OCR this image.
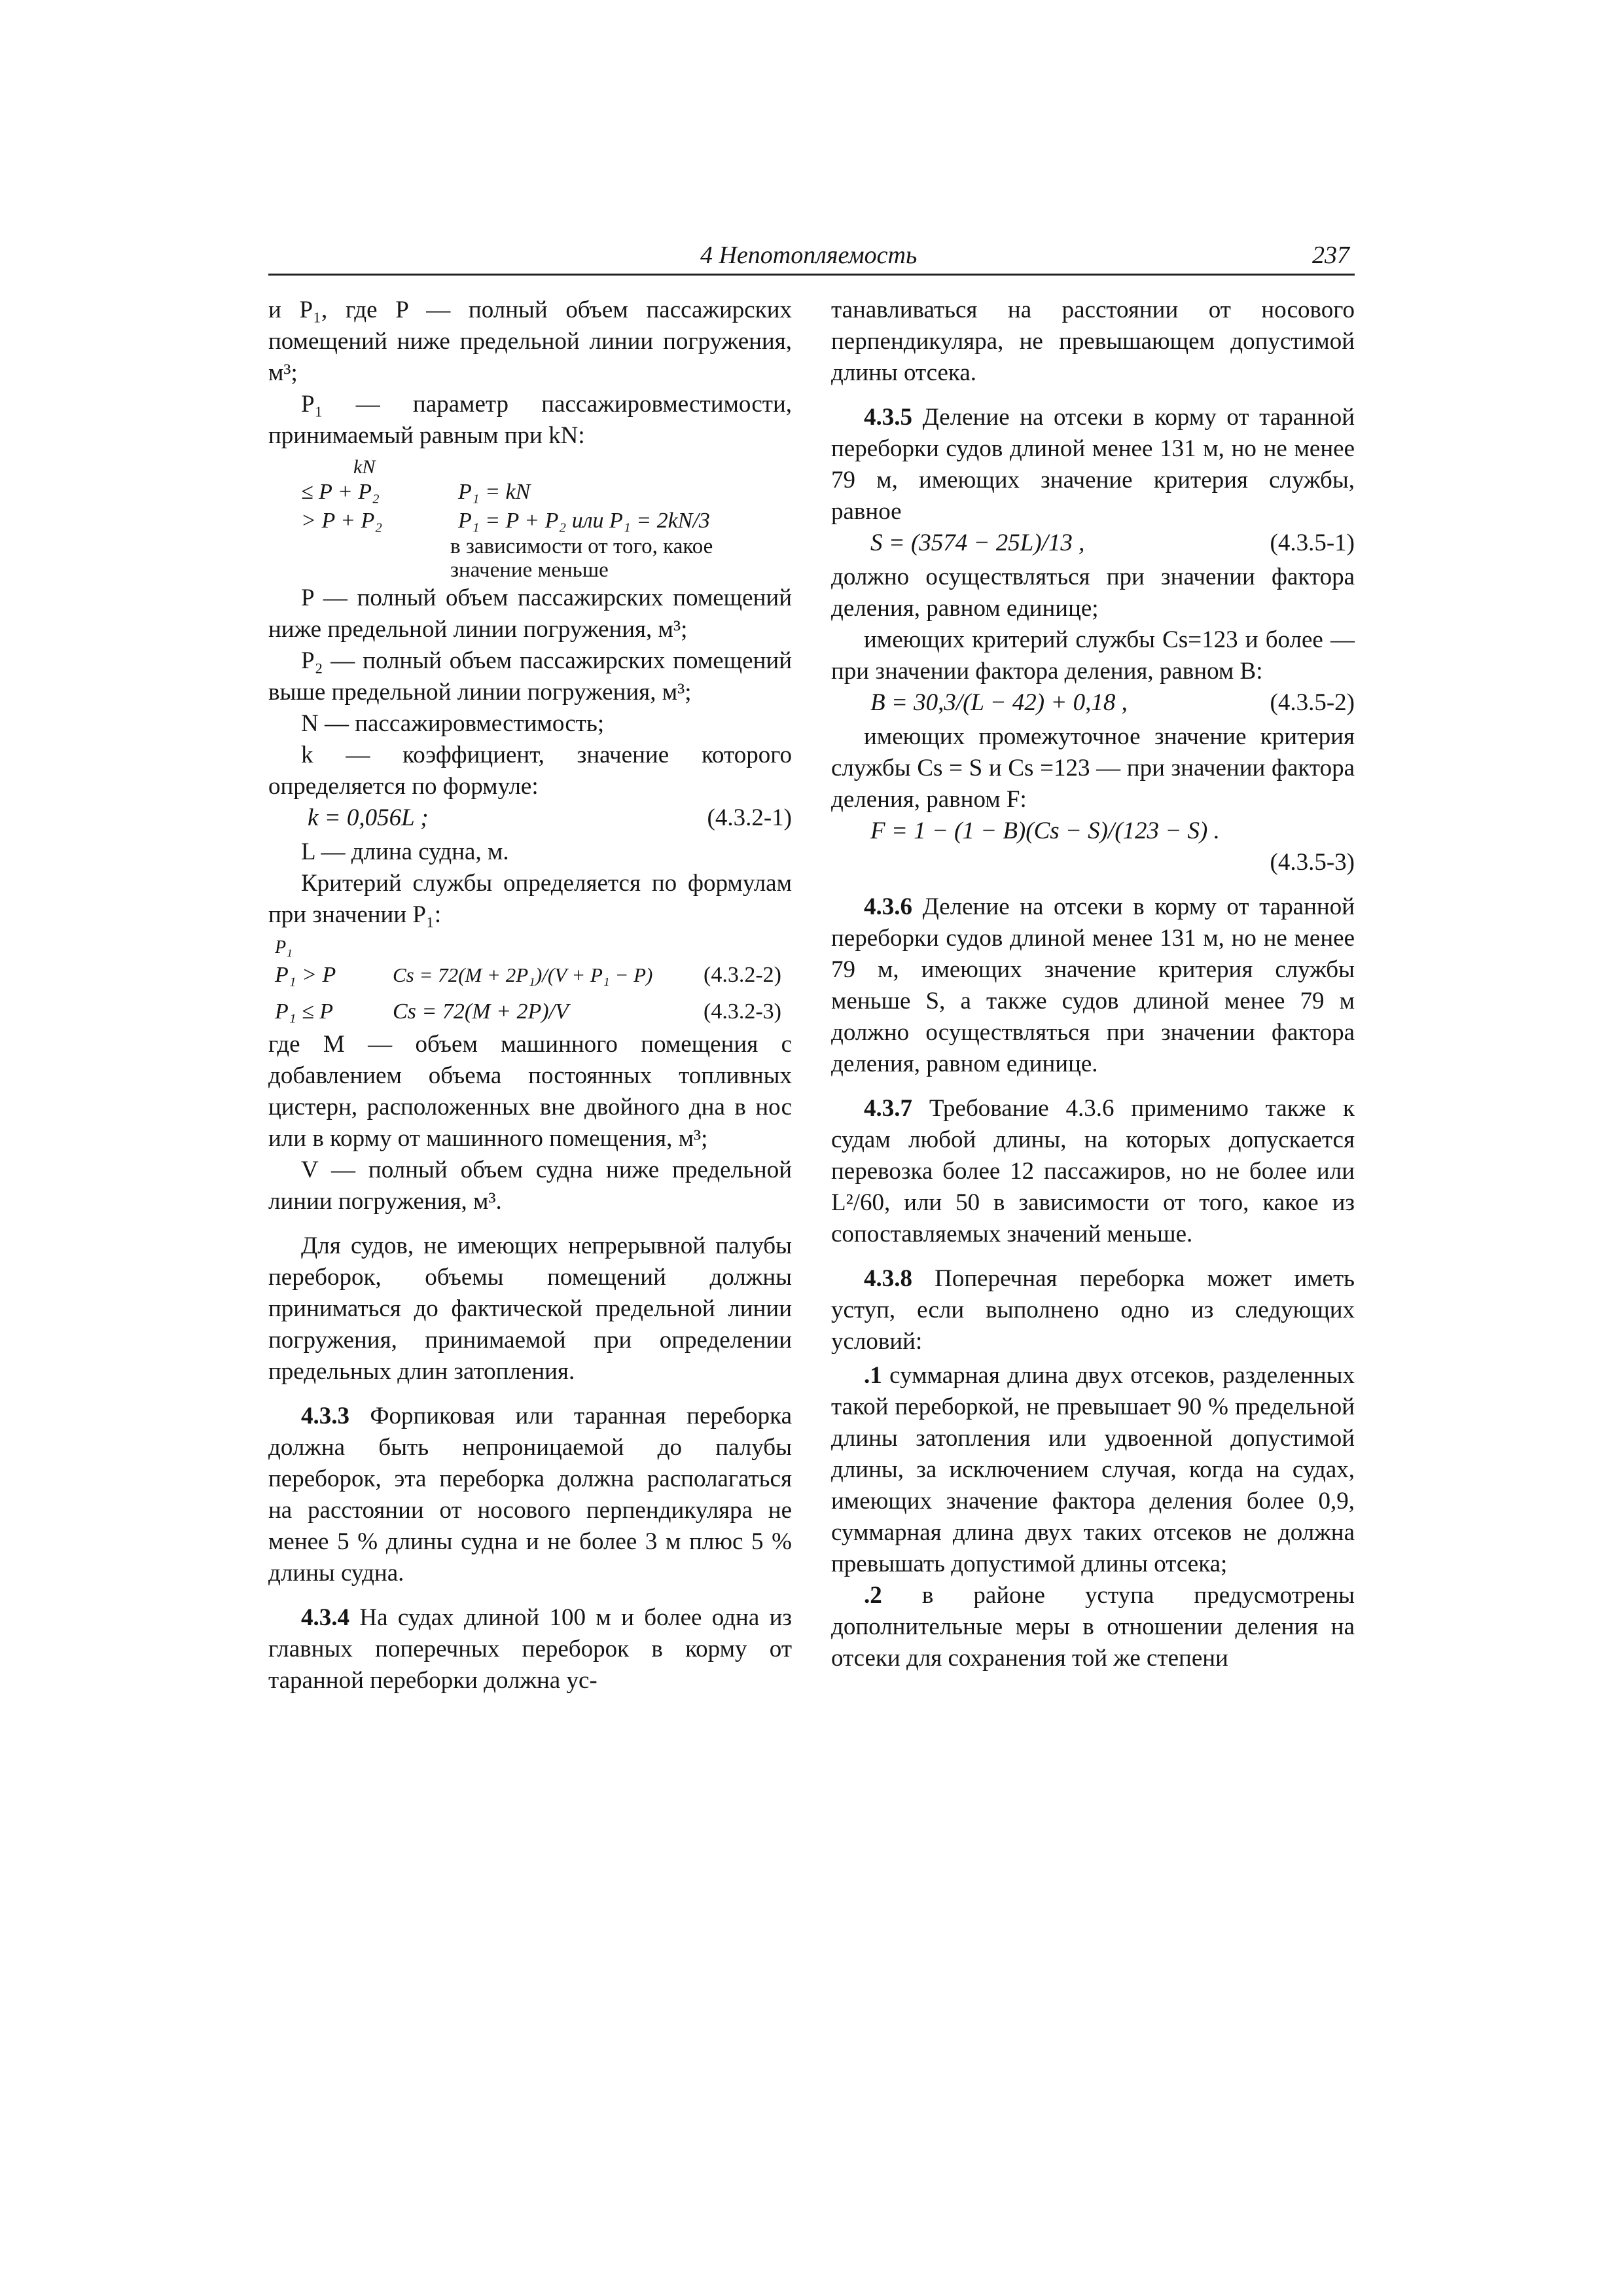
4 Непотопляемость	237

и P₁, где P — полный объем пассажирских помещений ниже предельной линии погружения, м³;

P₁ — параметр пассажировместимости, принимаемый равным при kN:

kN
≤ P + P₂	P₁ = kN
> P + P₂	P₁ = P + P₂ или P₁ = 2kN/3
в зависимости от того, какое
значение меньше

P — полный объем пассажирских помещений ниже предельной линии погружения, м³;

P₂ — полный объем пассажирских помещений выше предельной линии погружения, м³;

N — пассажировместимость;

k — коэффициент, значение которого определяется по формуле:

k = 0,056L ;	(4.3.2-1)

L — длина судна, м.

Критерий службы определяется по формулам при значении P₁:

P₁
P₁ > P	Cs = 72(M + 2P₁)/(V + P₁ − P) (4.3.2-2)
P₁ ≤ P	Cs = 72(M + 2P)/V	(4.3.2-3)

где M — объем машинного помещения с добавлением объема постоянных топливных цистерн, расположенных вне двойного дна в нос или в корму от машинного помещения, м³;

V — полный объем судна ниже предельной линии погружения, м³.

Для судов, не имеющих непрерывной палубы переборок, объемы помещений должны приниматься до фактической предельной линии погружения, принимаемой при определении предельных длин затопления.

4.3.3 Форпиковая или таранная переборка должна быть непроницаемой до палубы переборок, эта переборка должна располагаться на расстоянии от носового перпендикуляра не менее 5 % длины судна и не более 3 м плюс 5 % длины судна.

4.3.4 На судах длиной 100 м и более одна из главных поперечных переборок в корму от таранной переборки должна ус-

танавливаться на расстоянии от носового перпендикуляра, не превышающем допустимой длины отсека.

4.3.5 Деление на отсеки в корму от таранной переборки судов длиной менее 131 м, но не менее 79 м, имеющих значение критерия службы, равное

S = (3574 − 25L)/13 ,	(4.3.5-1)

должно осуществляться при значении фактора деления, равном единице;

имеющих критерий службы Cs=123 и более — при значении фактора деления, равном B:

B = 30,3/(L − 42) + 0,18 ,	(4.3.5-2)

имеющих промежуточное значение критерия службы Cs = S и Cs =123 — при значении фактора деления, равном F:

F = 1 − (1 − B)(Cs − S)/(123 − S) .
(4.3.5-3)

4.3.6 Деление на отсеки в корму от таранной переборки судов длиной менее 131 м, но не менее 79 м, имеющих значение критерия службы меньше S, а также судов длиной менее 79 м должно осуществляться при значении фактора деления, равном единице.

4.3.7 Требование 4.3.6 применимо также к судам любой длины, на которых допускается перевозка более 12 пассажиров, но не более или L²/60, или 50 в зависимости от того, какое из сопоставляемых значений меньше.

4.3.8 Поперечная переборка может иметь уступ, если выполнено одно из следующих условий:

.1 суммарная длина двух отсеков, разделенных такой переборкой, не превышает 90 % предельной длины затопления или удвоенной допустимой длины, за исключением случая, когда на судах, имеющих значение фактора деления более 0,9, суммарная длина двух таких отсеков не должна превышать допустимой длины отсека;

.2 в районе уступа предусмотрены дополнительные меры в отношении деления на отсеки для сохранения той же степени
